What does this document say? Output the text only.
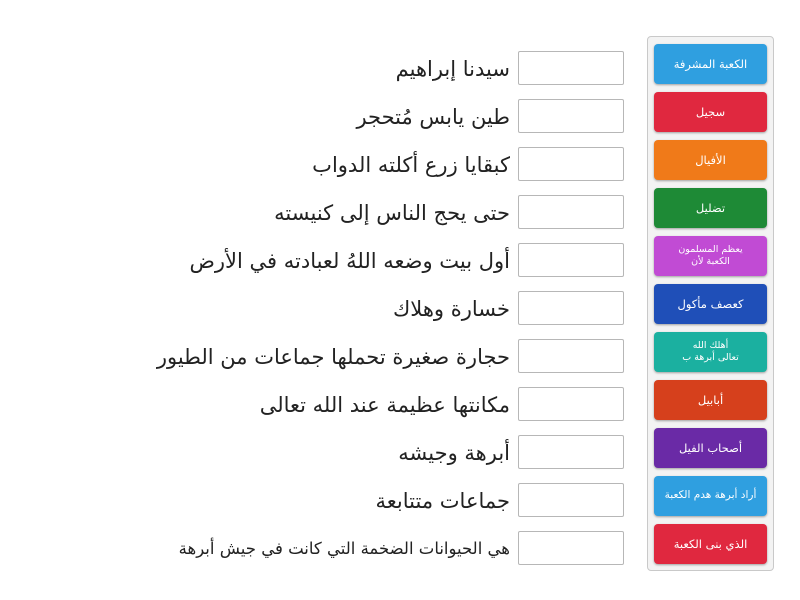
سيدنا إبراهيم
طين يابس مُتحجر
كبقايا زرع أكلته الدواب
حتى يحج الناس إلى كنيسته
أول بيت وضعه اللهُ لعبادته في الأرض
خسارة وهلاك
حجارة صغيرة تحملها جماعات من الطيور
مكانتها عظيمة عند الله تعالى
أبرهة وجيشه
جماعات متتابعة
هي الحيوانات الضخمة التي كانت في جيش أبرهة
الكعبة المشرفة
سجيل
الأفيال
تضليل
يعظم المسلمون
الكعبة لأن
كعصف مأكول
أهلك الله
تعالى أبرهة ب
أبابيل
أصحاب الفيل
أراد أبرهة هدم الكعبة
الذي بنى الكعبة
